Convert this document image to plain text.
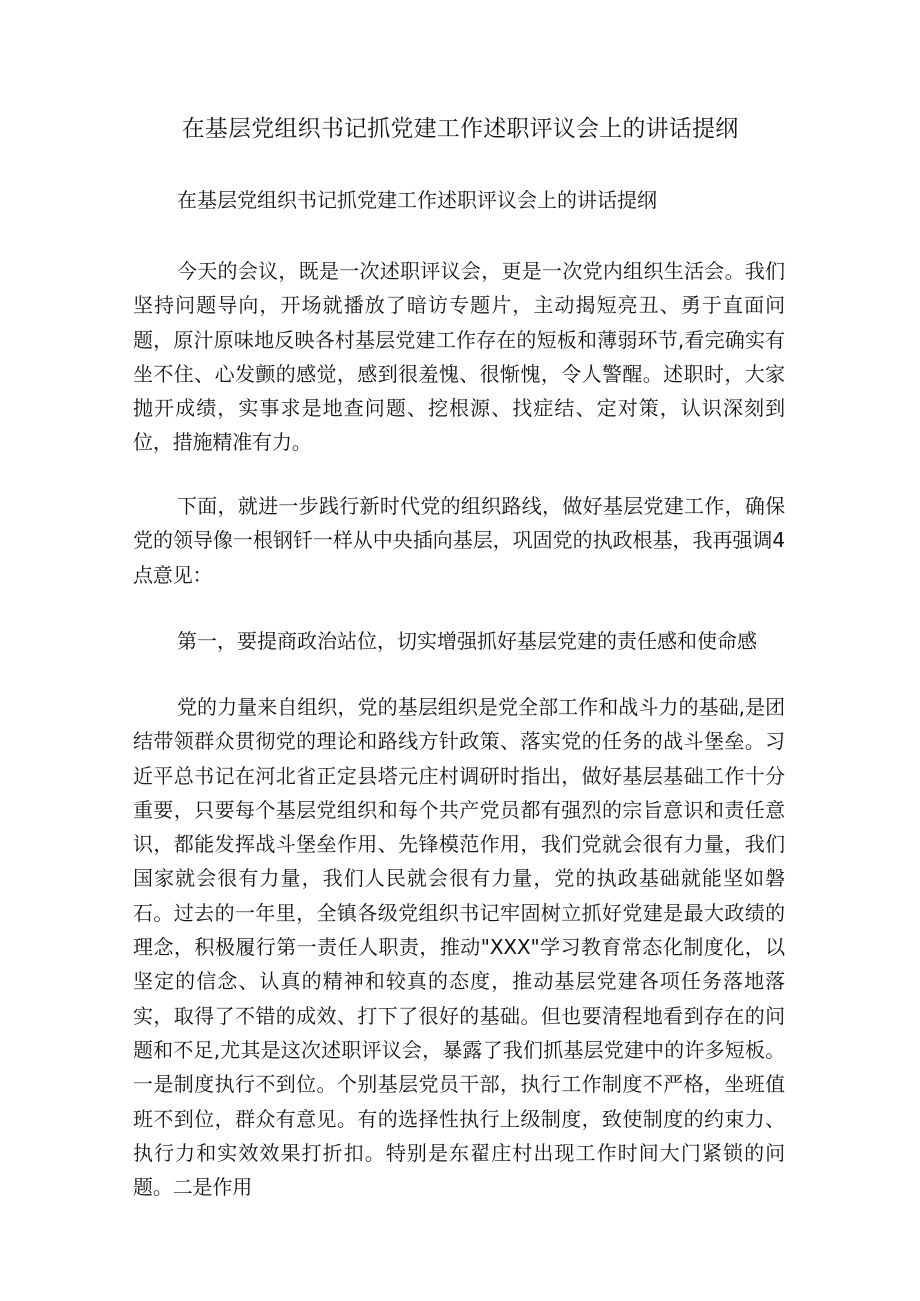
在基层党组织书记抓党建工作述职评议会上的讲话提纲

在基层党组织书记抓党建工作述职评议会上的讲话提纲

今天的会议，既是一次述职评议会，更是一次党内组织生活会。我们坚持问题导向，开场就播放了暗访专题片，主动揭短亮丑、勇于直面问题，原汁原味地反映各村基层党建工作存在的短板和薄弱环节,看完确实有坐不住、心发颤的感觉，感到很羞愧、很惭愧，令人警醒。述职时，大家抛开成绩，实事求是地查问题、挖根源、找症结、定对策，认识深刻到位，措施精准有力。

下面，就进一步践行新时代党的组织路线，做好基层党建工作，确保党的领导像一根钢钎一样从中央插向基层，巩固党的执政根基，我再强调4点意见：

第一，要提商政治站位，切实增强抓好基层党建的责任感和使命感

党的力量来自组织，党的基层组织是党全部工作和战斗力的基础,是团结带领群众贯彻党的理论和路线方针政策、落实党的任务的战斗堡垒。习近平总书记在河北省正定县塔元庄村调研时指出，做好基层基础工作十分重要，只要每个基层党组织和每个共产党员都有强烈的宗旨意识和责任意识，都能发挥战斗堡垒作用、先锋模范作用，我们党就会很有力量，我们国家就会很有力量，我们人民就会很有力量，党的执政基础就能坚如磐石。过去的一年里，全镇各级党组织书记牢固树立抓好党建是最大政绩的理念，积极履行第一责任人职责，推动"XXX"学习教育常态化制度化，以坚定的信念、认真的精神和较真的态度，推动基层党建各项任务落地落实，取得了不错的成效、打下了很好的基础。但也要清程地看到存在的问题和不足,尤其是这次述职评议会，暴露了我们抓基层党建中的许多短板。一是制度执行不到位。个别基层党员干部，执行工作制度不严格，坐班值班不到位，群众有意见。有的选择性执行上级制度，致使制度的约束力、执行力和实效效果打折扣。特别是东翟庄村出现工作时间大门紧锁的问题。二是作用
